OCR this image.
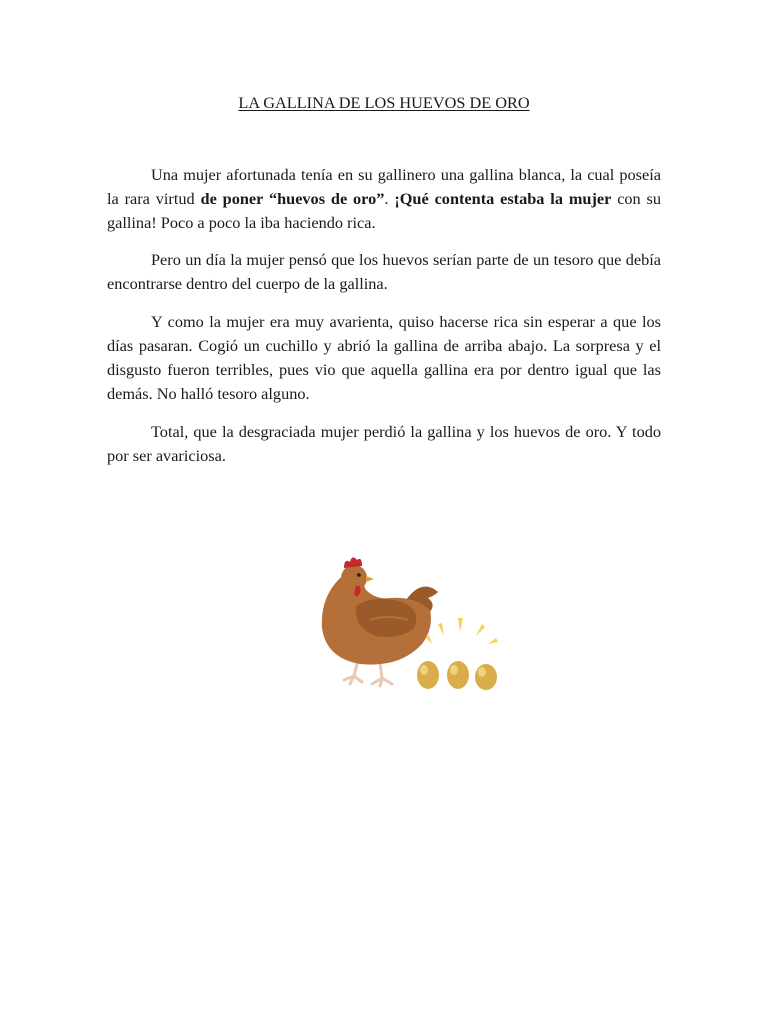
LA GALLINA DE LOS HUEVOS DE ORO

Una mujer afortunada tenía en su gallinero una gallina blanca, la cual poseía la rara virtud de poner “huevos de oro”. ¡Qué contenta estaba la mujer con su gallina! Poco a poco la iba haciendo rica.

Pero un día la mujer pensó que los huevos serían parte de un tesoro que debía encontrarse dentro del cuerpo de la gallina.

Y como la mujer era muy avarienta, quiso hacerse rica sin esperar a que los días pasaran. Cogió un cuchillo y abrió la gallina de arriba abajo. La sorpresa y el disgusto fueron terribles, pues vio que aquella gallina era por dentro igual que las demás. No halló tesoro alguno.

Total, que la desgraciada mujer perdió la gallina y los huevos de oro. Y todo por ser avariciosa.
